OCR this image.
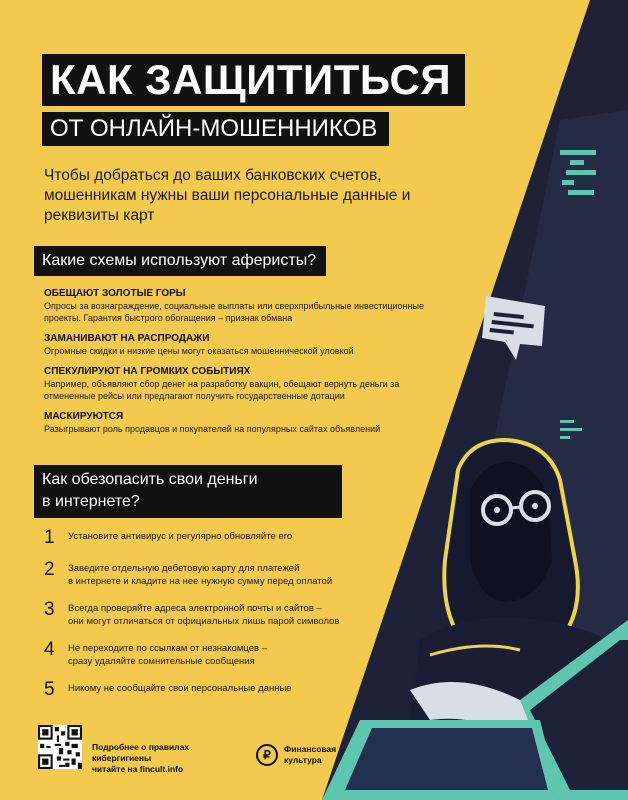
КАК ЗАЩИТИТЬСЯ
ОТ ОНЛАЙН-МОШЕННИКОВ
Чтобы добраться до ваших банковских счетов, мошенникам нужны ваши персональные данные и реквизиты карт
Какие схемы используют аферисты?
ОБЕЩАЮТ ЗОЛОТЫЕ ГОРЫ
Опросы за вознаграждение, социальные выплаты или сверхприбыльные инвестиционные проекты. Гарантия быстрого обогащения – признак обмана
ЗАМАНИВАЮТ НА РАСПРОДАЖИ
Огромные скидки и низкие цены могут оказаться мошеннической уловкой
СПЕКУЛИРУЮТ НА ГРОМКИХ СОБЫТИЯХ
Например, объявляют сбор денег на разработку вакцин, обещают вернуть деньги за отмененные рейсы или предлагают получить государственные дотации
МАСКИРУЮТСЯ
Разыгрывают роль продавцов и покупателей на популярных сайтах объявлений
Как обезопасить свои деньги
в интернете?
1	Установите антивирус и регулярно обновляйте его
2	Заведите отдельную дебетовую карту для платежей
в интернете и кладите на нее нужную сумму перед оплатой
3	Всегда проверяйте адреса электронной почты и сайтов –
они могут отличаться от официальных лишь парой символов
4	Не переходите по ссылкам от незнакомцев –
сразу удаляйте сомнительные сообщения
5	Никому не сообщайте свои персональные данные
Подробнее о правилах
кибергигиены
читайте на fincult.info
₽	Финансовая
культура
